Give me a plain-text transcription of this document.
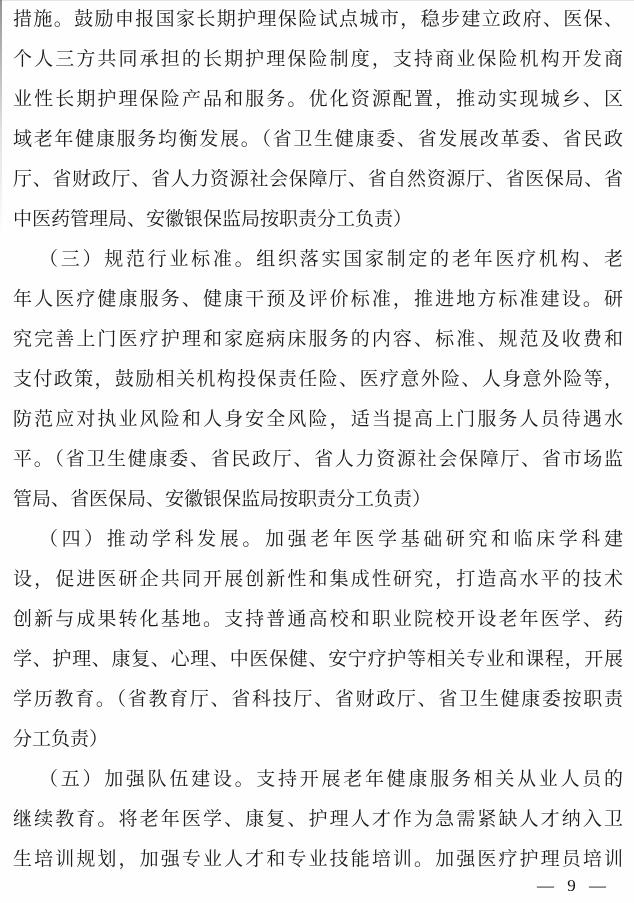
措施。鼓励申报国家长期护理保险试点城市，稳步建立政府、医保、
个人三方共同承担的长期护理保险制度，支持商业保险机构开发商
业性长期护理保险产品和服务。优化资源配置，推动实现城乡、区
域老年健康服务均衡发展。（省卫生健康委、省发展改革委、省民政
厅、省财政厅、省人力资源社会保障厅、省自然资源厅、省医保局、省
中医药管理局、安徽银保监局按职责分工负责）
（三）规范行业标准。组织落实国家制定的老年医疗机构、老
年人医疗健康服务、健康干预及评价标准，推进地方标准建设。研
究完善上门医疗护理和家庭病床服务的内容、标准、规范及收费和
支付政策，鼓励相关机构投保责任险、医疗意外险、人身意外险等，
防范应对执业风险和人身安全风险，适当提高上门服务人员待遇水
平。（省卫生健康委、省民政厅、省人力资源社会保障厅、省市场监
管局、省医保局、安徽银保监局按职责分工负责）
（四）推动学科发展。加强老年医学基础研究和临床学科建
设，促进医研企共同开展创新性和集成性研究，打造高水平的技术
创新与成果转化基地。支持普通高校和职业院校开设老年医学、药
学、护理、康复、心理、中医保健、安宁疗护等相关专业和课程，开展
学历教育。（省教育厅、省科技厅、省财政厅、省卫生健康委按职责
分工负责）
（五）加强队伍建设。支持开展老年健康服务相关从业人员的
继续教育。将老年医学、康复、护理人才作为急需紧缺人才纳入卫
生培训规划，加强专业人才和专业技能培训。加强医疗护理员培训
— 9 —
